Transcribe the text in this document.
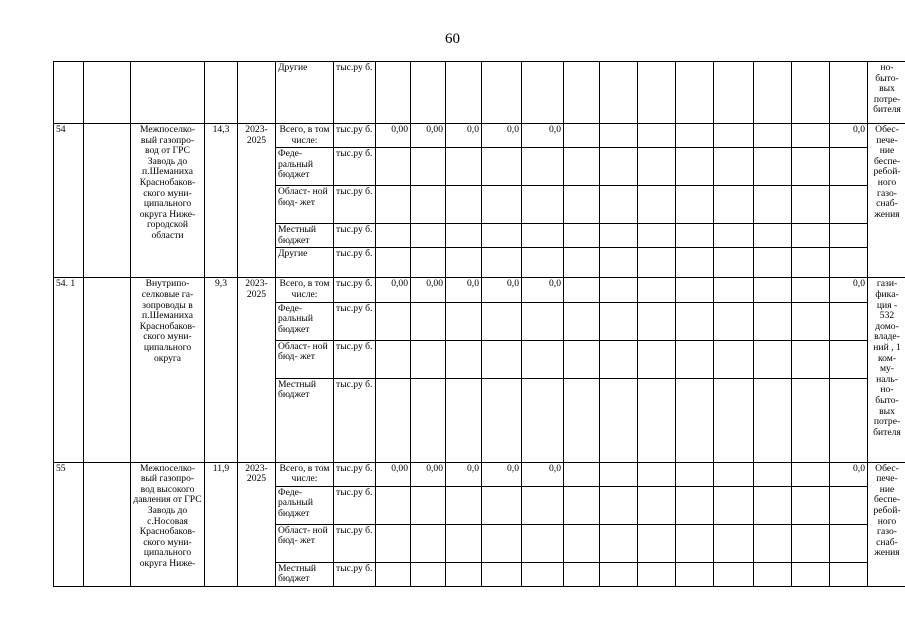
60
					Другие	тыс.ру б.														но- быто- вых потре- бителя
54		Межпоселко- вый газопро- вод от ГРС Заводь до п.Шеманиха Краснобаков- ского муни- ципального округа Ниже- городской области	14,3	2023- 2025	Всего, в том числе:	тыс.ру б.	0,00	0,00	0,0	0,0	0,0								0,0	Обес- пече- ние беспе- ребой- ного газо- снаб- жения
					Феде- ральный бюджет	тыс.ру б.														
					Област- ной бюд- жет	тыс.ру б.														
					Местный бюджет	тыс.ру б.														
					Другие	тыс.ру б.														
54. 1		Внутрипо- селковые га- зопроводы в п.Шеманиха Краснобаков- ского муни- ципального округа	9,3	2023- 2025	Всего, в том числе:	тыс.ру б.	0,00	0,00	0,0	0,0	0,0								0,0	гази- фика- ция - 532 домо- владе- ний , 1 ком- му- наль- но- быто- вых потре- бителя
					Феде- ральный бюджет	тыс.ру б.														
					Област- ной бюд- жет	тыс.ру б.														
					Местный бюджет	тыс.ру б.														
55		Межпоселко- вый газопро- вод высокого давления от ГРС Заводь до с.Носовая Краснобаков- ского муни- ципального округа Ниже-	11,9	2023- 2025	Всего, в том числе:	тыс.ру б.	0,00	0,00	0,0	0,0	0,0								0,0	Обес- пече- ние беспе- ребой- ного газо- снаб- жения
					Феде- ральный бюджет	тыс.ру б.														
					Област- ной бюд- жет	тыс.ру б.														
					Местный бюджет	тыс.ру б.														
